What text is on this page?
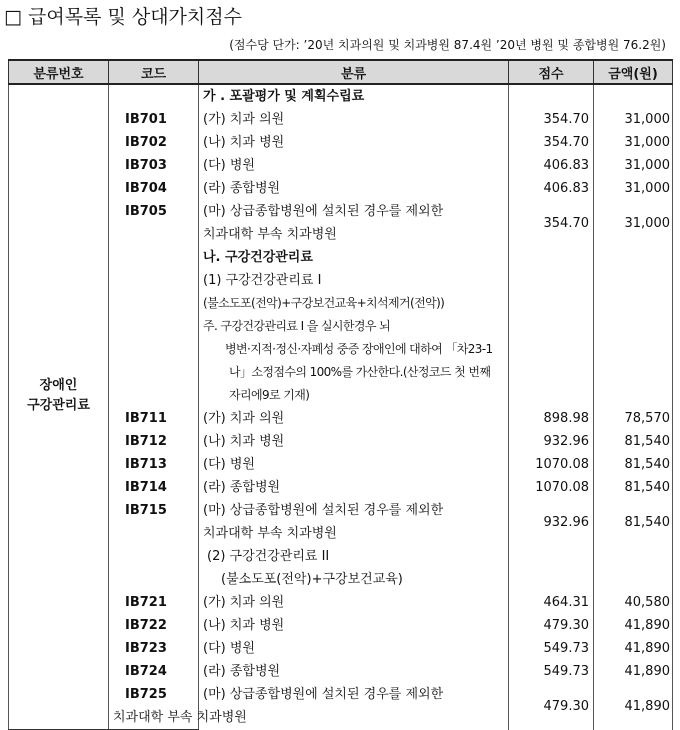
□ 급여목록 및 상대가치점수
(점수당 단가: ’20년 치과의원 및 치과병원 87.4원 ’20년 병원 및 종합병원 76.2원)
분류번호	코드	분류	점수	금액(원)

장애인
구강관리료		가 . 포괄평가 및 계획수립료		
	IB701	(가) 치과 의원	354.70	31,000
	IB702	(나) 치과 병원	354.70	31,000
	IB703	(다) 병원	406.83	31,000
	IB704	(라) 종합병원	406.83	31,000
	IB705	(마) 상급종합병원에 설치된 경우를 제외한	354.70	31,000
		치과대학 부속 치과병원		
		나. 구강건강관리료		
		(1) 구강건강관리료 I		
		(불소도포(전악)+구강보건교육+치석제거(전악))		
		주. 구강건강관리료 I 을 실시한경우 뇌		
		병변·지적·정신·자폐성 중증 장애인에 대하여 「차23-1		
		나」소정점수의 100%를 가산한다.(산정코드 첫 번째		
		자리에9로 기재)		
	IB711	(가) 치과 의원	898.98	78,570
	IB712	(나) 치과 병원	932.96	81,540
	IB713	(다) 병원	1070.08	81,540
	IB714	(라) 종합병원	1070.08	81,540
	IB715	(마) 상급종합병원에 설치된 경우를 제외한	932.96	81,540
		치과대학 부속 치과병원		
		(2) 구강건강관리료 II		
		(불소도포(전악)+구강보건교육)		
	IB721	(가) 치과 의원	464.31	40,580
	IB722	(나) 치과 병원	479.30	41,890
	IB723	(다) 병원	549.73	41,890
	IB724	(라) 종합병원	549.73	41,890
	IB725	(마) 상급종합병원에 설치된 경우를 제외한	479.30	41,890
	치과대학 부속 치과병원			
